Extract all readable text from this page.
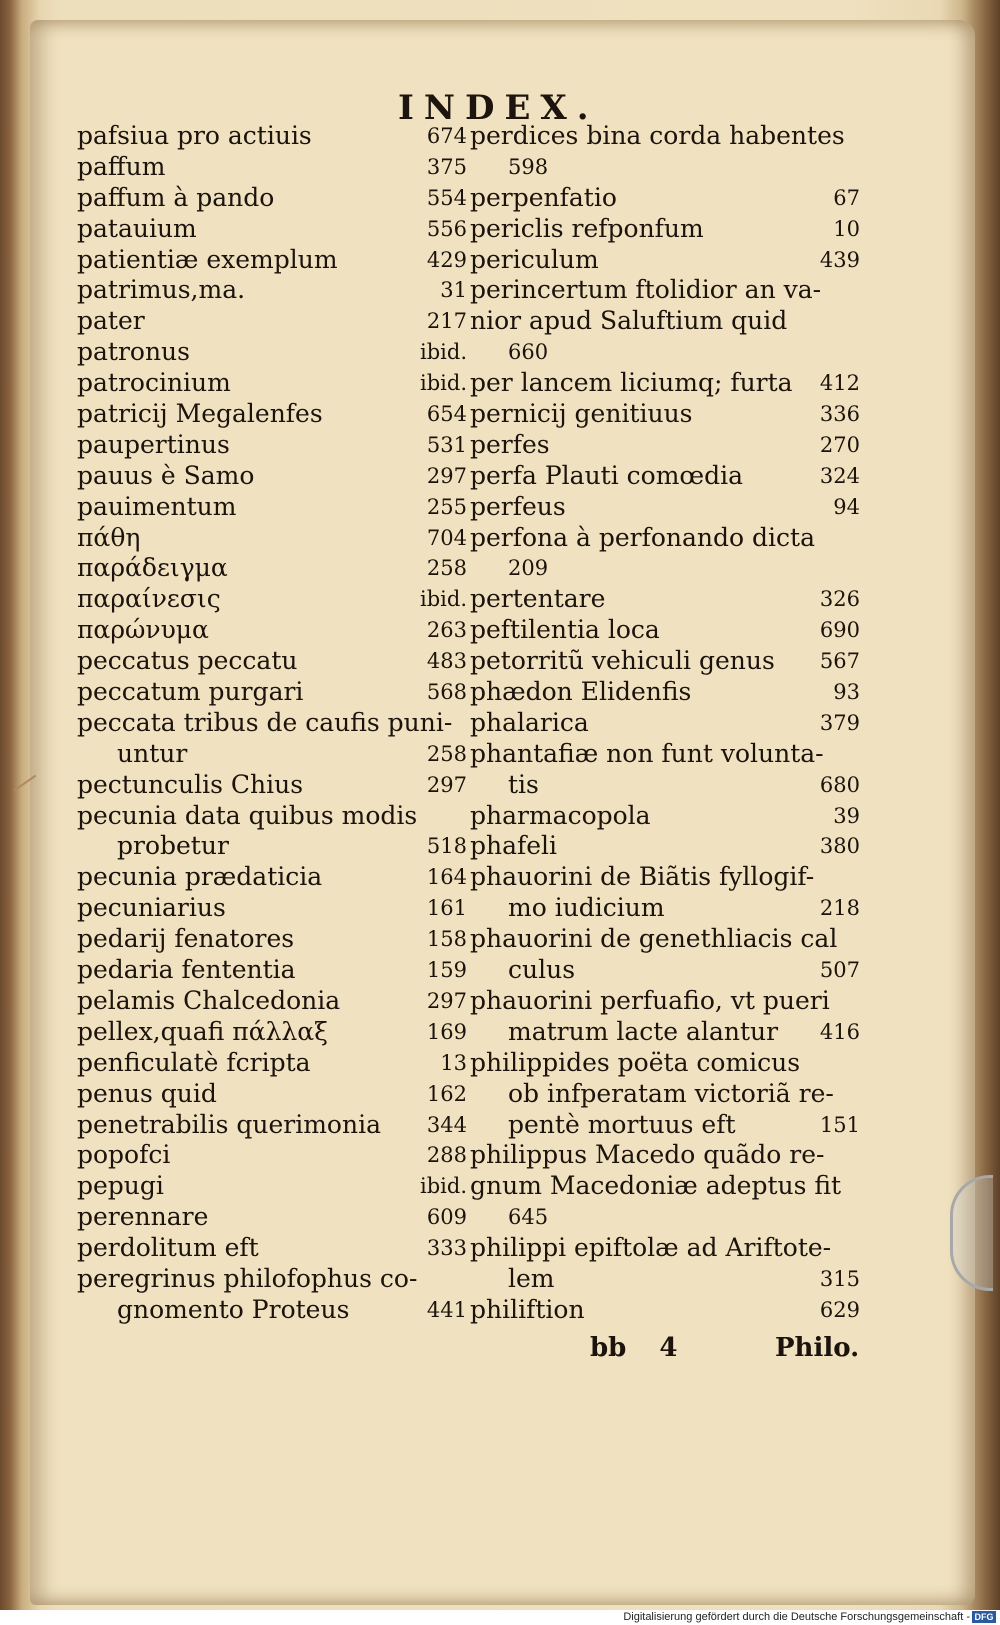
INDEX.
pafsiua pro actiuis	674
paffum	375
paffum à pando	554
patauium	556
patientiæ exemplum	429
patrimus,ma.	31
pater	217
patronus	ibid.
patrocinium	ibid.
patricij Megalenfes	654
paupertinus	531
pauus è Samo	297
pauimentum	255
πάθη	704
παράδειγμα	258
παραίνεσις	ibid.
παρώνυμα	263
peccatus peccatu	483
peccatum purgari	568
peccata tribus de caufis puni-
untur	258
pectunculis Chius	297
pecunia data quibus modis
probetur	518
pecunia prædaticia	164
pecuniarius	161
pedarij fenatores	158
pedaria fententia	159
pelamis Chalcedonia	297
pellex,quafi πάλλαξ	169
penficulatè fcripta	13
penus quid	162
penetrabilis querimonia 344
popofci	288
pepugi	ibid.
perennare	609
perdolitum eft	333
peregrinus philofophus co-
gnomento Proteus	441
perdices bina corda habentes
598
perpenfatio	67
periclis refponfum	10
periculum	439
perincertum ftolidior an va-
nior apud Saluftium quid
660
per lancem liciumq; furta 412
pernicij genitiuus	336
perfes	270
perfa Plauti comœdia	324
perfeus	94
perfona à perfonando dicta
209
pertentare	326
peftilentia loca	690
petorritũ vehiculi genus 567
phædon Elidenfis	93
phalarica	379
phantafiæ non funt volunta-
tis	680
pharmacopola	39
phafeli	380
phauorini de Biãtis fyllogif-
mo iudicium	218
phauorini de genethliacis cal
culus	507
phauorini perfuafio, vt pueri
matrum lacte alantur 416
philippides poëta comicus
ob infperatam victoriã re-
pentè mortuus eft	151
philippus Macedo quãdo re-
gnum Macedoniæ adeptus fit
645
philippi epiftolæ ad Ariftote-
lem	315
philiftion	629
bb 4	Philo.
Digitalisierung gefördert durch die Deutsche Forschungsgemeinschaft - DFG
